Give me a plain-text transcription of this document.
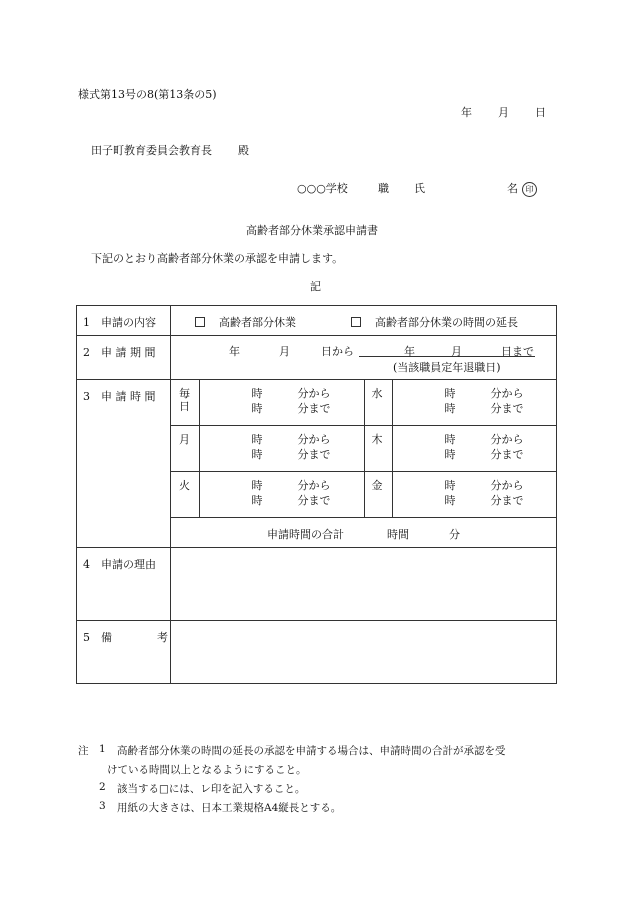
様式第13号の8(第13条の5)
年 月 日
田子町教育委員会教育長 殿
○○○学校	職 氏	名 印
高齢者部分休業承認申請書
下記のとおり高齢者部分休業の承認を申請します。
記
1　申請の内容	高齢者部分休業	高齢者部分休業の時間の延長

2　申 請 期 間	年	月	日から	年	月	日まで
(当該職員定年退職日)

3　申 請 時 間
	毎
日

時	分から
時	分まで

水	時	分から
時	分まで

月	時	分から
時	分まで

木	時	分から
時	分まで

火	時	分から
時	分まで

金	時	分から
時	分まで

申請時間の合計	時間	分

4　申請の理由

5　備	考

注 1 高齢者部分休業の時間の延長の承認を申請する場合は、申請時間の合計が承認を受
けている時間以上となるようにすること。
2 該当する□には、レ印を記入すること。
3 用紙の大きさは、日本工業規格A4縦長とする。
